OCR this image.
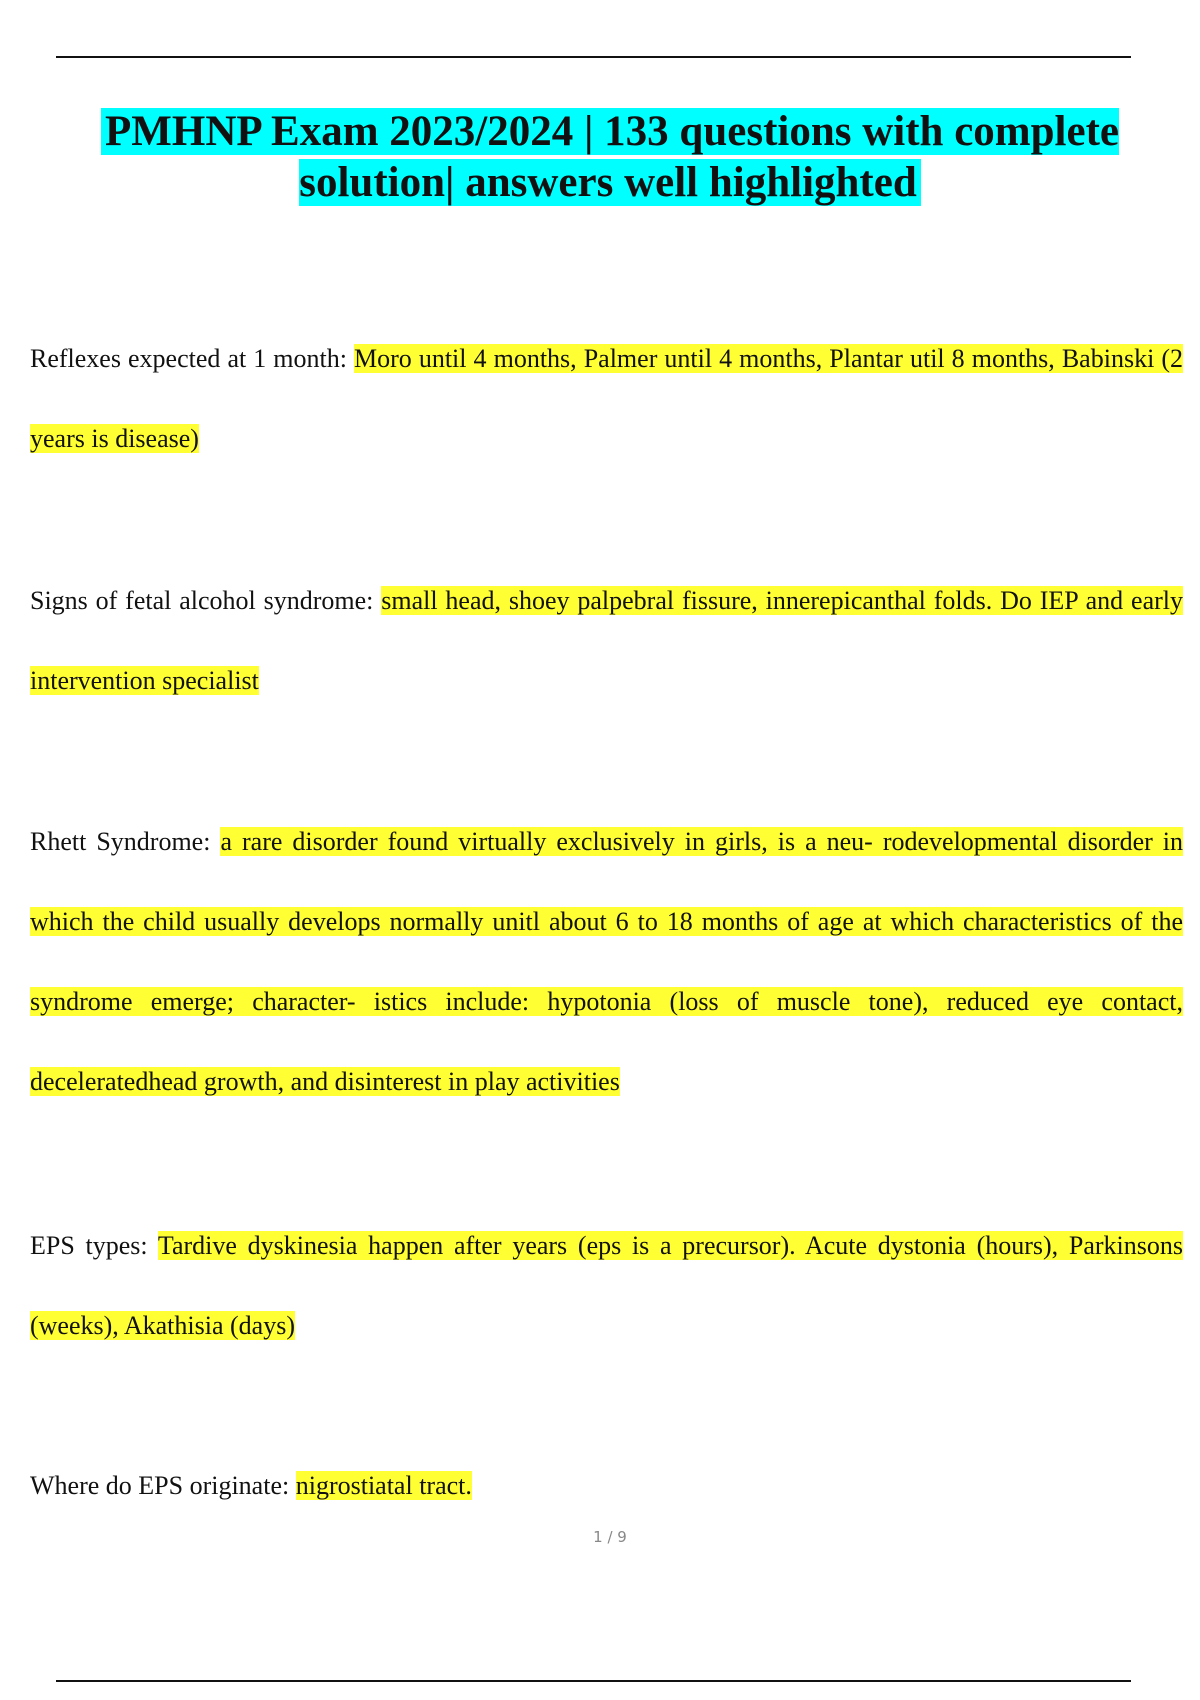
PMHNP Exam 2023/2024 | 133 questions with complete solution| answers well highlighted
Reflexes expected at 1 month: Moro until 4 months, Palmer until 4 months, Plantar util 8 months, Babinski (2 years is disease)
Signs of fetal alcohol syndrome: small head, shoey palpebral fissure, innerepicanthal folds. Do IEP and early intervention specialist
Rhett Syndrome: a rare disorder found virtually exclusively in girls, is a neu- rodevelopmental disorder in which the child usually develops normally unitl about 6 to 18 months of age at which characteristics of the syndrome emerge; character- istics include: hypotonia (loss of muscle tone), reduced eye contact, deceleratedhead growth, and disinterest in play activities
EPS types: Tardive dyskinesia happen after years (eps is a precursor). Acute dystonia (hours), Parkinsons (weeks), Akathisia (days)
Where do EPS originate: nigrostiatal tract.
1 / 9
